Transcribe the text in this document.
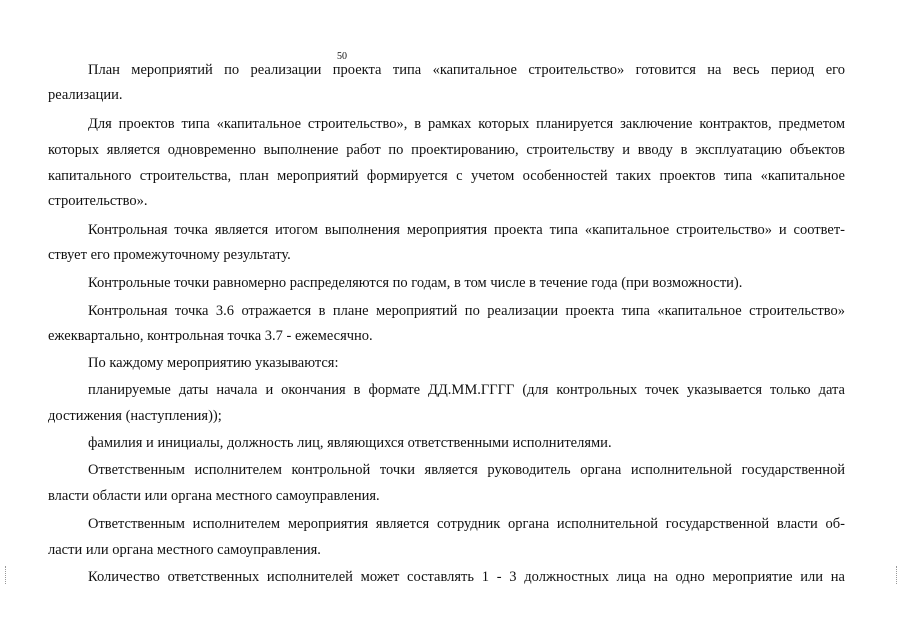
50
План мероприятий по реализации проекта типа «капитальное строительство» готовится на весь период его
реализации.
Для проектов типа «капитальное строительство», в рамках которых планируется заключение контрактов, предметом
которых является одновременно выполнение работ по проектированию, строительству и вводу в эксплуатацию объектов
капитального строительства, план мероприятий формируется с учетом особенностей таких проектов типа «капитальное
строительство».
Контрольная точка является итогом выполнения мероприятия проекта типа «капитальное строительство» и соответ-
ствует его промежуточному результату.
Контрольные точки равномерно распределяются по годам, в том числе в течение года (при возможности).
Контрольная точка 3.6 отражается в плане мероприятий по реализации проекта типа «капитальное строительство»
ежеквартально, контрольная точка 3.7 - ежемесячно.
По каждому мероприятию указываются:
планируемые даты начала и окончания в формате ДД.ММ.ГГГГ (для контрольных точек указывается только дата
достижения (наступления));
фамилия и инициалы, должность лиц, являющихся ответственными исполнителями.
Ответственным исполнителем контрольной точки является руководитель органа исполнительной государственной
власти области или органа местного самоуправления.
Ответственным исполнителем мероприятия является сотрудник органа исполнительной государственной власти об-
ласти или органа местного самоуправления.
Количество ответственных исполнителей может составлять 1 - 3 должностных лица на одно мероприятие или на
